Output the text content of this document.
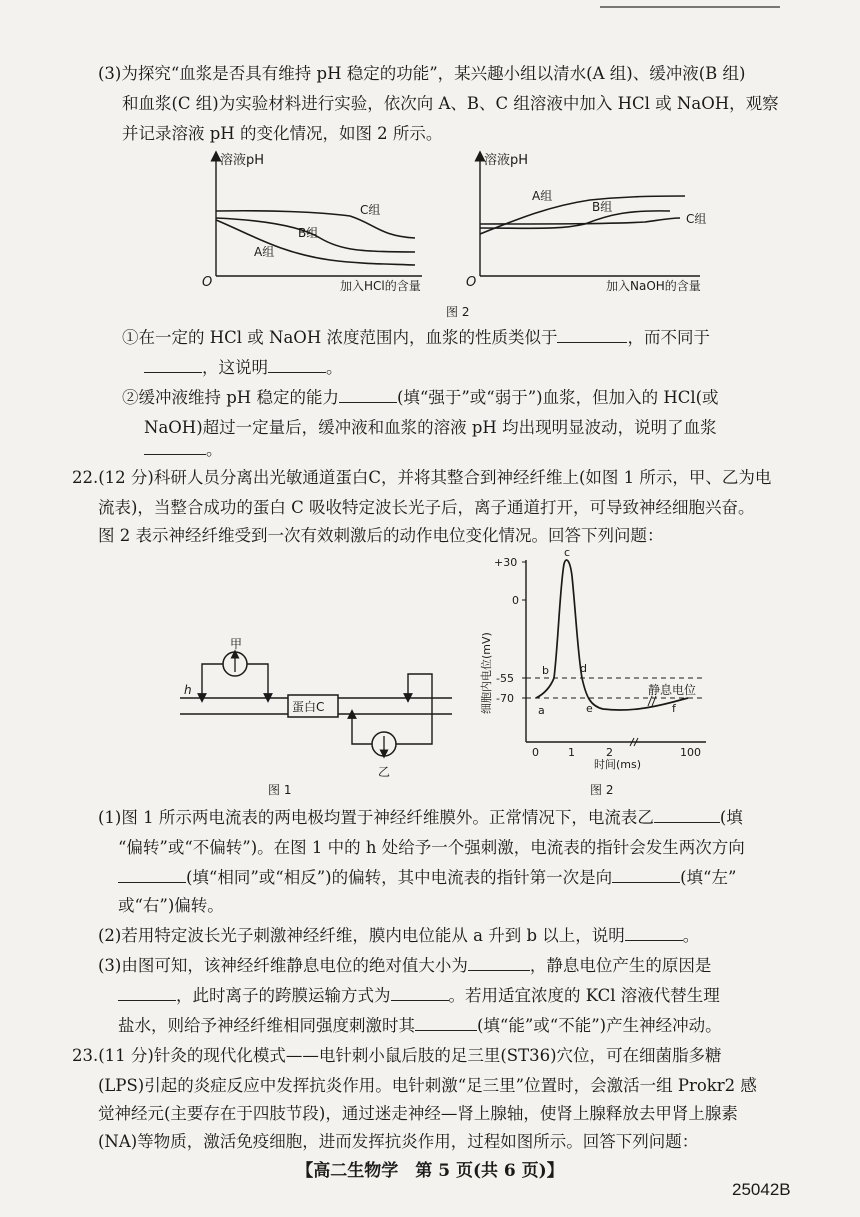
(3)为探究“血浆是否具有维持 pH 稳定的功能”，某兴趣小组以清水(A 组)、缓冲液(B 组)
和血浆(C 组)为实验材料进行实验，依次向 A、B、C 组溶液中加入 HCl 或 NaOH，观察
并记录溶液 pH 的变化情况，如图 2 所示。
溶液pH
O	加入HCl的含量
C组
B组
A组
溶液pH
O	加入NaOH的含量
A组
B组
C组
图 2
①在一定的 HCl 或 NaOH 浓度范围内，血浆的性质类似于	，而不同于
，这说明	。
②缓冲液维持 pH 稳定的能力	(填“强于”或“弱于”)血浆，但加入的 HCl(或
NaOH)超过一定量后，缓冲液和血浆的溶液 pH 均出现明显波动，说明了血浆
。
22.(12 分)科研人员分离出光敏通道蛋白C，并将其整合到神经纤维上(如图 1 所示，甲、乙为电
流表)，当整合成功的蛋白 C 吸收特定波长光子后，离子通道打开，可导致神经细胞兴奋。
图 2 表示神经纤维受到一次有效刺激后的动作电位变化情况。回答下列问题：
蛋白C
甲
h
乙
图 1
+30
0
-55
-70
a
b
c
d
e	f
静息电位
0	1	2	100
时间(ms)
细胞内电位(mV)
图 2
(1)图 1 所示两电流表的两电极均置于神经纤维膜外。正常情况下，电流表乙	(填
“偏转”或“不偏转”)。在图 1 中的 h 处给予一个强刺激，电流表的指针会发生两次方向
(填“相同”或“相反”)的偏转，其中电流表的指针第一次是向	(填“左”
或“右”)偏转。
(2)若用特定波长光子刺激神经纤维，膜内电位能从 a 升到 b 以上，说明	。
(3)由图可知，该神经纤维静息电位的绝对值大小为	，静息电位产生的原因是
，此时离子的跨膜运输方式为	。若用适宜浓度的 KCl 溶液代替生理
盐水，则给予神经纤维相同强度刺激时其	(填“能”或“不能”)产生神经冲动。
23.(11 分)针灸的现代化模式——电针刺小鼠后肢的足三里(ST36)穴位，可在细菌脂多糖
(LPS)引起的炎症反应中发挥抗炎作用。电针刺激“足三里”位置时，会激活一组 Prokr2 感
觉神经元(主要存在于四肢节段)，通过迷走神经—肾上腺轴，使肾上腺释放去甲肾上腺素
(NA)等物质，激活免疫细胞，进而发挥抗炎作用，过程如图所示。回答下列问题：
【高二生物学　第 5 页(共 6 页)】
25042B
